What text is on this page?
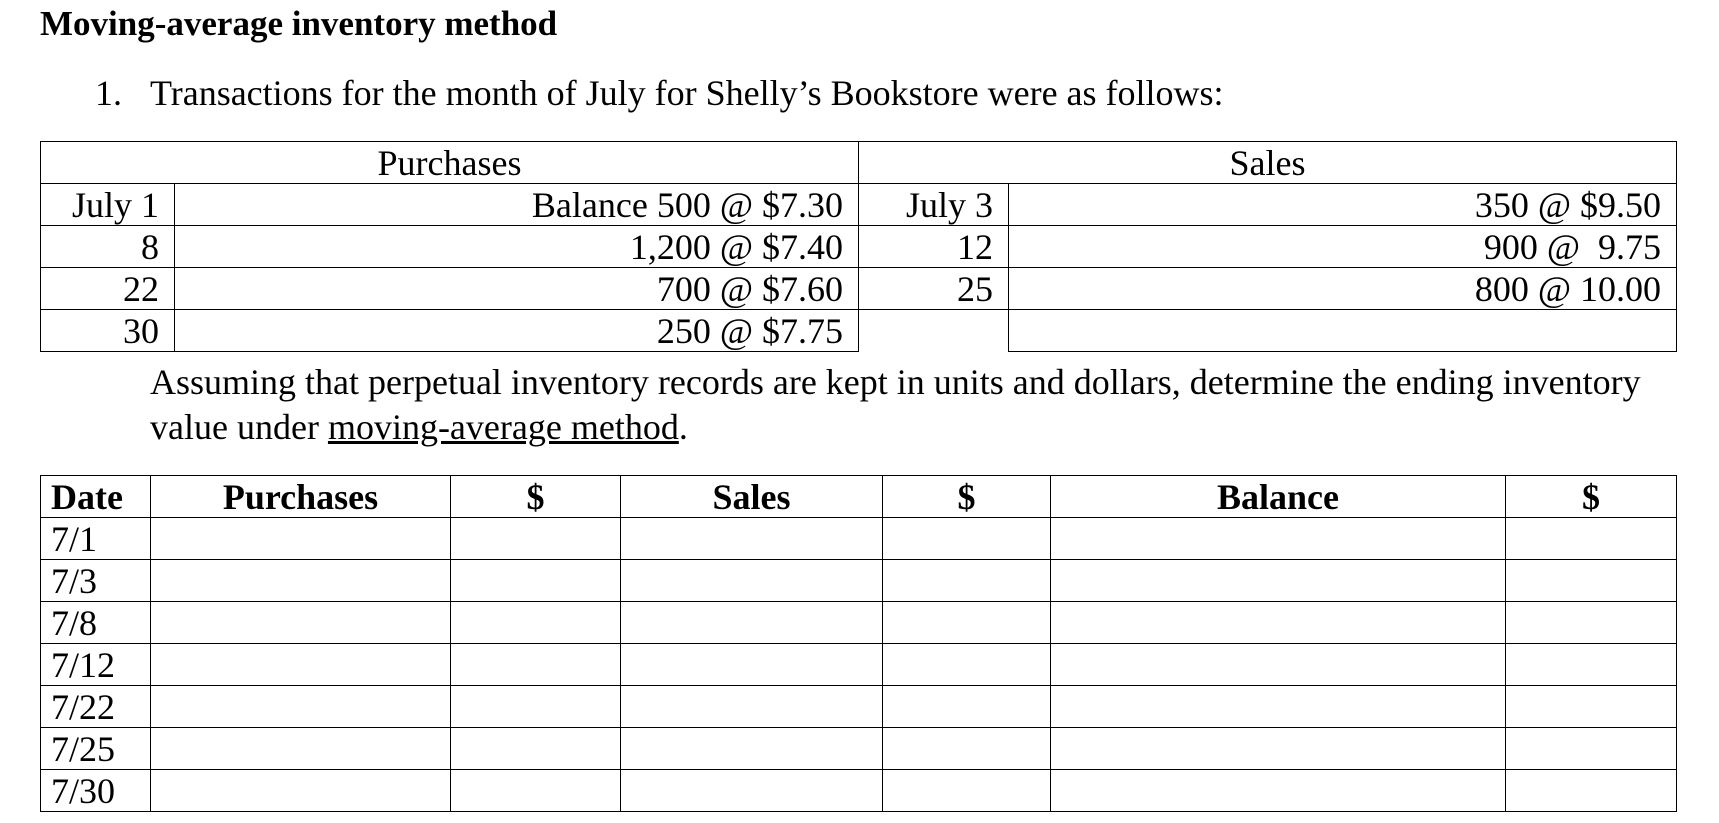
Moving-average inventory method
1. Transactions for the month of July for Shelly’s Bookstore were as follows:
Purchases		Sales	
July 1	Balance 500 @ $7.30	July 3	350 @ $9.50
8	1,200 @ $7.40	12	900 @  9.75
22	700 @ $7.60	25	800 @ 10.00
30	250 @ $7.75		
Assuming that perpetual inventory records are kept in units and dollars, determine the ending inventory
value under moving-average method.
Date	Purchases	$	Sales	$	Balance	$
7/1						
7/3						
7/8						
7/12						
7/22						
7/25						
7/30						
